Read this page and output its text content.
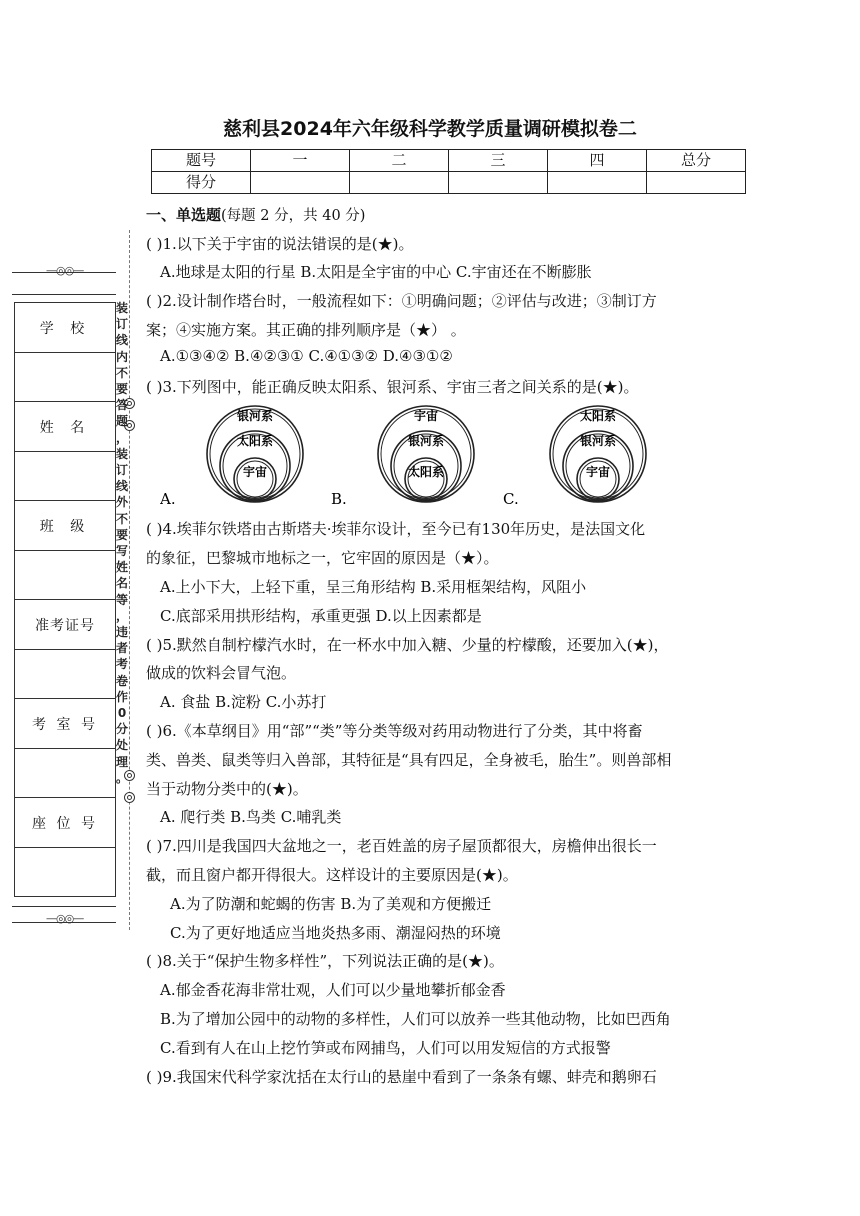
慈利县2024年六年级科学教学质量调研模拟卷二
题号	一	二	三	四	总分
得分					
—◎◎—
学 校
姓 名
班 级
准考证号
考 室 号
座 位 号
—◎◎—
装
订
线
内
不
要
答
题
，
装
订
线
外
不
要
写
姓
名
等
，
违
者
考
卷
作
0
分
处
理
。
一、单选题(每题 2 分，共 40 分)
( )1.以下关于宇宙的说法错误的是(★)。
A.地球是太阳的行星 B.太阳是全宇宙的中心 C.宇宙还在不断膨胀
( )2.设计制作塔台时，一般流程如下：①明确问题；②评估与改进；③制订方
案；④实施方案。其正确的排列顺序是（★） 。
A.①③④② B.④②③① C.④①③② D.④③①②
( )3.下列图中，能正确反映太阳系、银河系、宇宙三者之间关系的是(★)。
银河系
太阳系
宇宙
A.
宇宙
银河系
太阳系
B.
太阳系
银河系
宇宙
C.
( )4.埃菲尔铁塔由古斯塔夫·埃菲尔设计，至今已有130年历史，是法国文化
的象征，巴黎城市地标之一，它牢固的原因是（★）。
A.上小下大，上轻下重，呈三角形结构 B.采用框架结构，风阻小
C.底部采用拱形结构，承重更强 D.以上因素都是
( )5.默然自制柠檬汽水时，在一杯水中加入糖、少量的柠檬酸，还要加入(★)，
做成的饮料会冒气泡。
A. 食盐 B.淀粉 C.小苏打
( )6.《本草纲目》用“部”“类”等分类等级对药用动物进行了分类，其中将畜
类、兽类、鼠类等归入兽部，其特征是“具有四足，全身被毛，胎生”。则兽部相
当于动物分类中的(★)。
A. 爬行类 B.鸟类 C.哺乳类
( )7.四川是我国四大盆地之一，老百姓盖的房子屋顶都很大，房檐伸出很长一
截，而且窗户都开得很大。这样设计的主要原因是(★)。
A.为了防潮和蛇蝎的伤害 B.为了美观和方便搬迁
C.为了更好地适应当地炎热多雨、潮湿闷热的环境
( )8.关于“保护生物多样性”，下列说法正确的是(★)。
A.郁金香花海非常壮观，人们可以少量地攀折郁金香
B.为了增加公园中的动物的多样性，人们可以放养一些其他动物，比如巴西角
C.看到有人在山上挖竹笋或布网捕鸟，人们可以用发短信的方式报警
( )9.我国宋代科学家沈括在太行山的悬崖中看到了一条条有螺、蚌壳和鹅卵石
